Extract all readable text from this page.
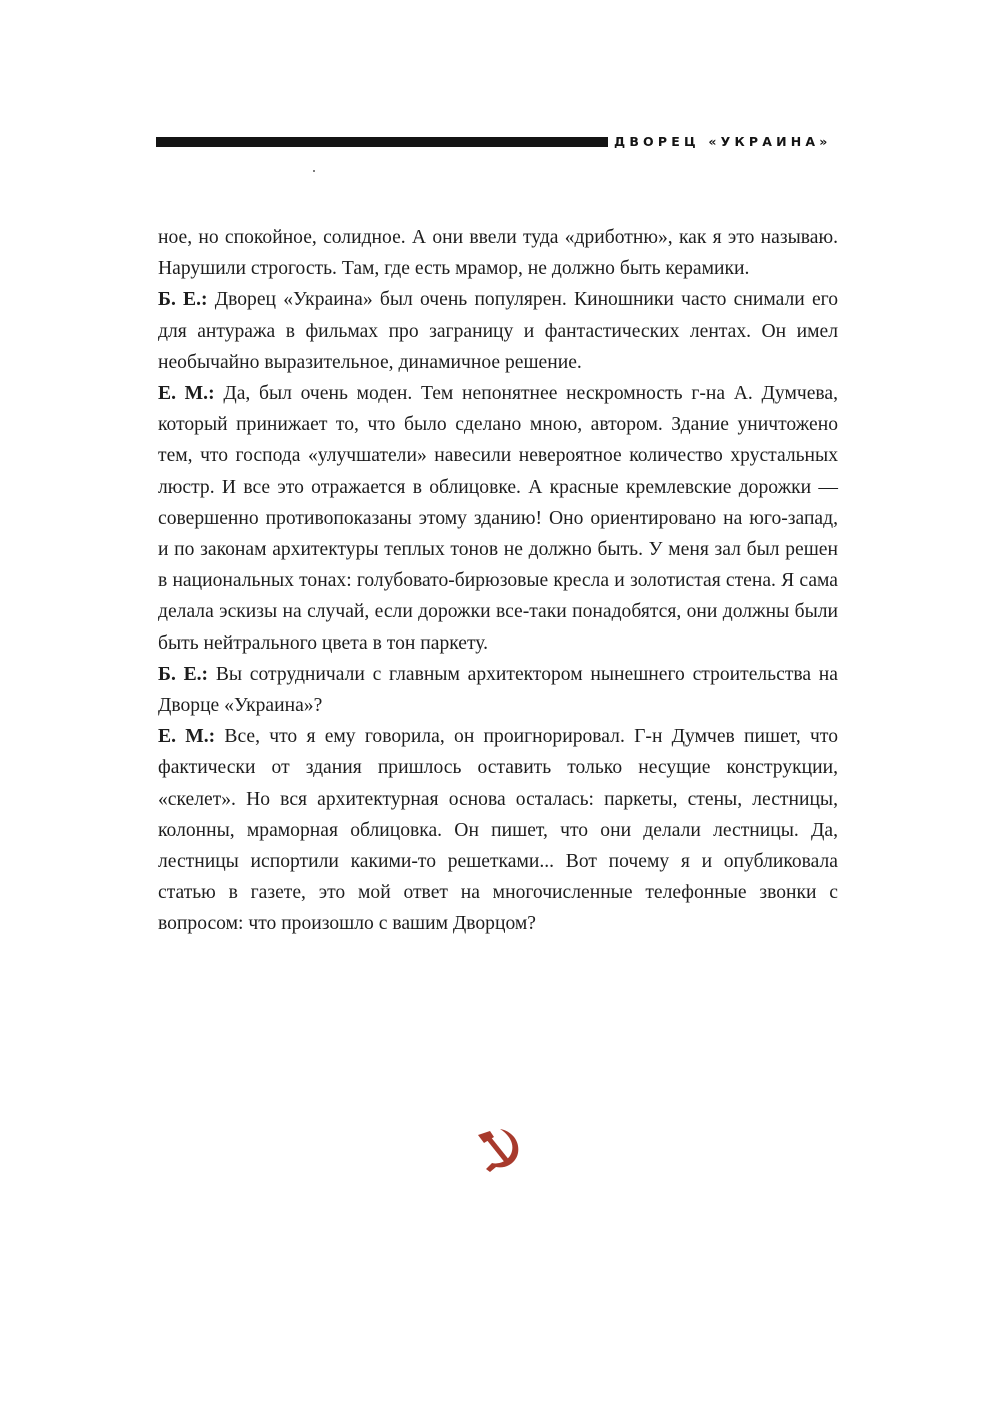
ДВОРЕЦ «УКРАИНА»

ное, но спокойное, солидное. А они ввели туда «дриботню», как я это называю. Нарушили строгость. Там, где есть мрамор, не должно быть керамики.

Б. Е.: Дворец «Украина» был очень популярен. Киношники часто снимали его для антуража в фильмах про заграницу и фантастических лентах. Он имел необычайно выразительное, динамичное решение.

Е. М.: Да, был очень моден. Тем непонятнее нескромность г-на А. Думчева, который принижает то, что было сделано мною, автором. Здание уничтожено тем, что господа «улучшатели» навесили невероятное количество хрустальных люстр. И все это отражается в облицовке. А красные кремлевские дорожки — совершенно противопоказаны этому зданию! Оно ориентировано на юго-запад, и по законам архитектуры теплых тонов не должно быть. У меня зал был решен в национальных тонах: голубовато-бирюзовые кресла и золотистая стена. Я сама делала эскизы на случай, если дорожки все-таки понадобятся, они должны были быть нейтрального цвета в тон паркету.

Б. Е.: Вы сотрудничали с главным архитектором нынешнего строительства на Дворце «Украина»?

Е. М.: Все, что я ему говорила, он проигнорировал. Г-н Думчев пишет, что фактически от здания пришлось оставить только несущие конструкции, «скелет». Но вся архитектурная основа осталась: паркеты, стены, лестницы, колонны, мраморная облицовка. Он пишет, что они делали лестницы. Да, лестницы испортили какими-то решетками... Вот почему я и опубликовала статью в газете, это мой ответ на многочисленные телефонные звонки с вопросом: что произошло с вашим Дворцом?
